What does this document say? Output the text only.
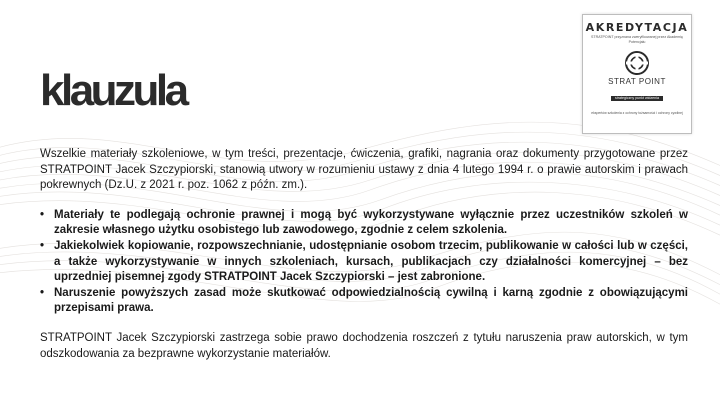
klauzula
AKREDYTACJA
STRATPOINT przyznana zweryfikowanej przez Akademię Potencjału
STRAT POINT
strategiczny punkt widzenia
ekspertów szkolenia z ochrony tożsamości i ochrony cywilnej

Wszelkie materiały szkoleniowe, w tym treści, prezentacje, ćwiczenia, grafiki, nagrania oraz dokumenty przygotowane przez STRATPOINT Jacek Szczypiorski, stanowią utwory w rozumieniu ustawy z dnia 4 lutego 1994 r. o prawie autorskim i prawach pokrewnych (Dz.U. z 2021 r. poz. 1062 z późn. zm.).

• Materiały te podlegają ochronie prawnej i mogą być wykorzystywane wyłącznie przez uczestników szkoleń w zakresie własnego użytku osobistego lub zawodowego, zgodnie z celem szkolenia.
• Jakiekolwiek kopiowanie, rozpowszechnianie, udostępnianie osobom trzecim, publikowanie w całości lub w części, a także wykorzystywanie w innych szkoleniach, kursach, publikacjach czy działalności komercyjnej – bez uprzedniej pisemnej zgody STRATPOINT Jacek Szczypiorski – jest zabronione.
• Naruszenie powyższych zasad może skutkować odpowiedzialnością cywilną i karną zgodnie z obowiązującymi przepisami prawa.

STRATPOINT Jacek Szczypiorski zastrzega sobie prawo dochodzenia roszczeń z tytułu naruszenia praw autorskich, w tym odszkodowania za bezprawne wykorzystanie materiałów.
